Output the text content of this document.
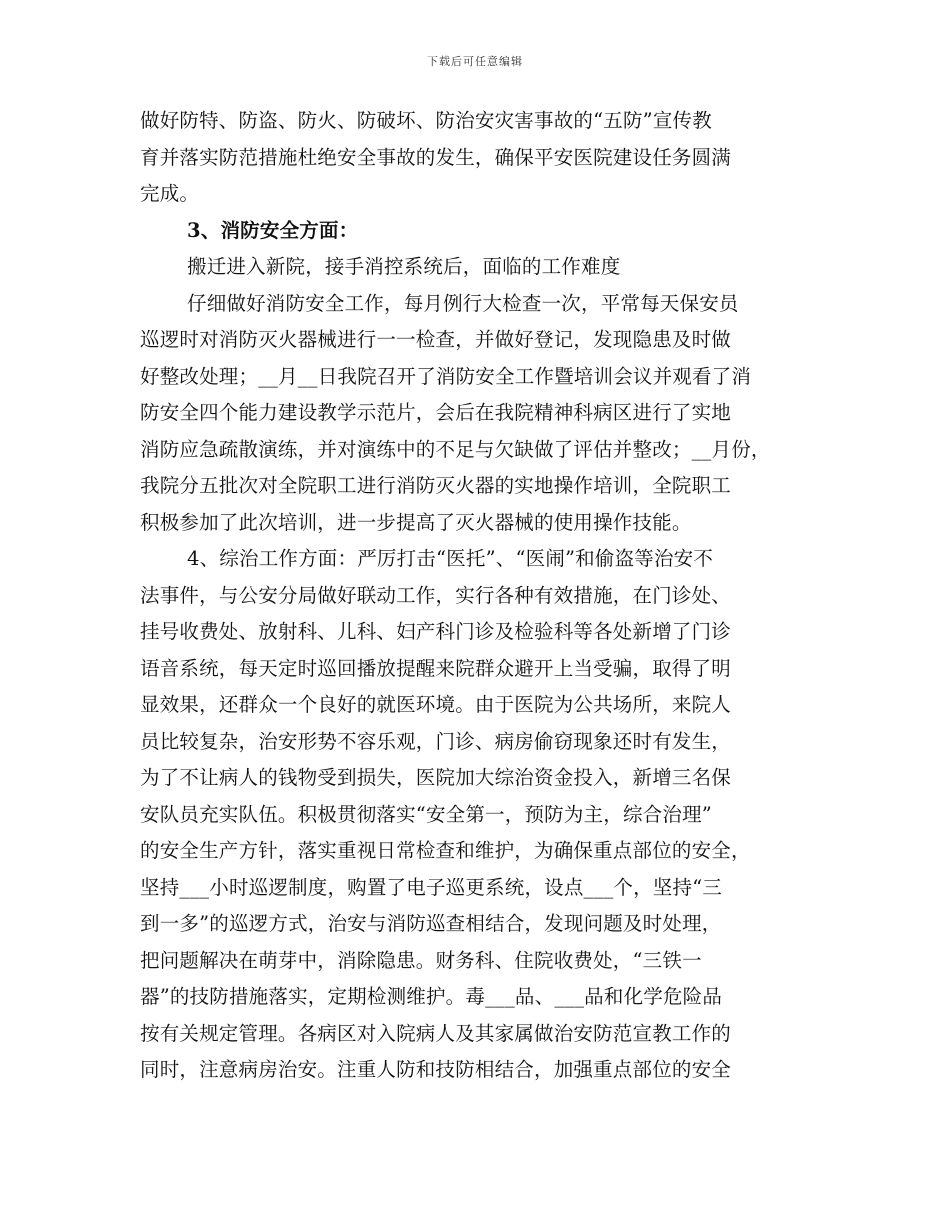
下载后可任意编辑
做好防特、防盗、防火、防破坏、防治安灾害事故的“五防”宣传教
育并落实防范措施杜绝安全事故的发生，确保平安医院建设任务圆满
完成。
3、消防安全方面：
搬迁进入新院，接手消控系统后，面临的工作难度
仔细做好消防安全工作，每月例行大检查一次，平常每天保安员
巡逻时对消防灭火器械进行一一检查，并做好登记，发现隐患及时做
好整改处理；__月__日我院召开了消防安全工作暨培训会议并观看了消
防安全四个能力建设教学示范片，会后在我院精神科病区进行了实地
消防应急疏散演练，并对演练中的不足与欠缺做了评估并整改；__月份，
我院分五批次对全院职工进行消防灭火器的实地操作培训，全院职工
积极参加了此次培训，进一步提高了灭火器械的使用操作技能。
4、综治工作方面：严厉打击“医托”、“医闹”和偷盗等治安不
法事件，与公安分局做好联动工作，实行各种有效措施，在门诊处、
挂号收费处、放射科、儿科、妇产科门诊及检验科等各处新增了门诊
语音系统，每天定时巡回播放提醒来院群众避开上当受骗，取得了明
显效果，还群众一个良好的就医环境。由于医院为公共场所，来院人
员比较复杂，治安形势不容乐观，门诊、病房偷窃现象还时有发生，
为了不让病人的钱物受到损失，医院加大综治资金投入，新增三名保
安队员充实队伍。积极贯彻落实“安全第一，预防为主，综合治理”
的安全生产方针，落实重视日常检查和维护，为确保重点部位的安全，
坚持___小时巡逻制度，购置了电子巡更系统，设点___个，坚持“三
到一多”的巡逻方式，治安与消防巡查相结合，发现问题及时处理，
把问题解决在萌芽中，消除隐患。财务科、住院收费处，“三铁一
器”的技防措施落实，定期检测维护。毒___品、___品和化学危险品
按有关规定管理。各病区对入院病人及其家属做治安防范宣教工作的
同时，注意病房治安。注重人防和技防相结合，加强重点部位的安全
